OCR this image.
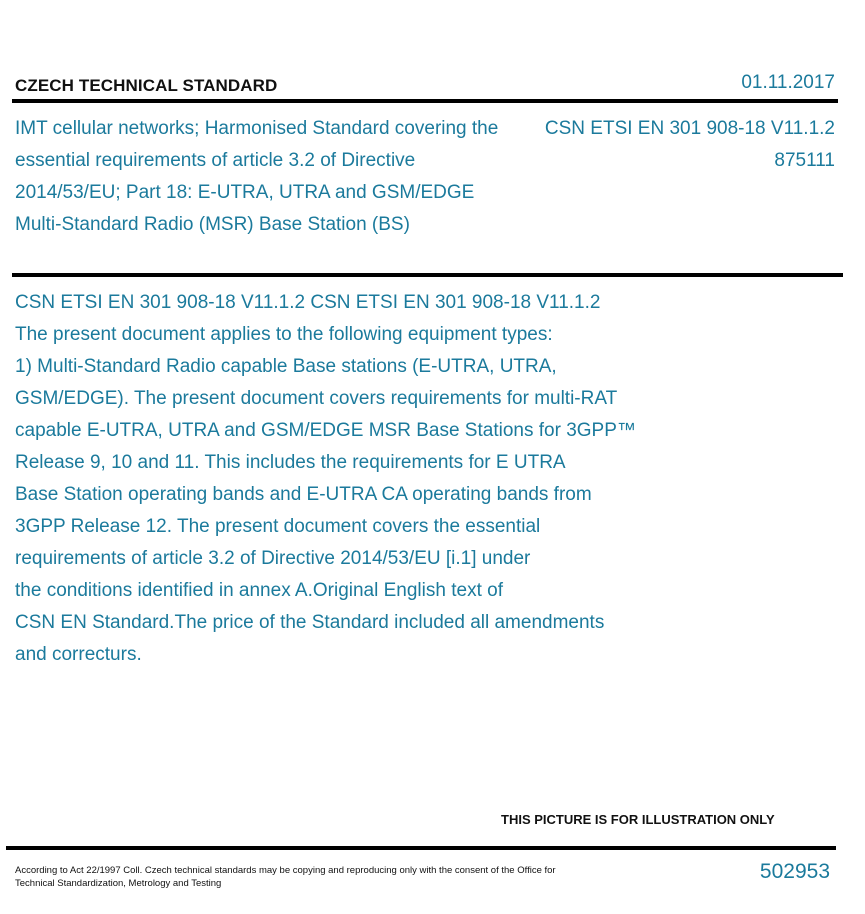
CZECH TECHNICAL STANDARD	01.11.2017
IMT cellular networks; Harmonised Standard covering the essential requirements of article 3.2 of Directive 2014/53/EU; Part 18: E-UTRA, UTRA and GSM/EDGE Multi-Standard Radio (MSR) Base Station (BS)
CSN ETSI EN 301 908-18 V11.1.2
875111
CSN ETSI EN 301 908-18 V11.1.2 CSN ETSI EN 301 908-18 V11.1.2
The present document applies to the following equipment types:
1) Multi-Standard Radio capable Base stations (E-UTRA, UTRA,
GSM/EDGE). The present document covers requirements for multi-RAT
capable E-UTRA, UTRA and GSM/EDGE MSR Base Stations for 3GPP™
Release 9, 10 and 11. This includes the requirements for E UTRA
Base Station operating bands and E-UTRA CA operating bands from
3GPP Release 12. The present document covers the essential
requirements of article 3.2 of Directive 2014/53/EU [i.1] under
the conditions identified in annex A.Original English text of
CSN EN Standard.The price of the Standard included all amendments
and correcturs.
THIS PICTURE IS FOR ILLUSTRATION ONLY
According to Act 22/1997 Coll. Czech technical standards may be copying and reproducing only with the consent of the Office for Technical Standardization, Metrology and Testing	502953
